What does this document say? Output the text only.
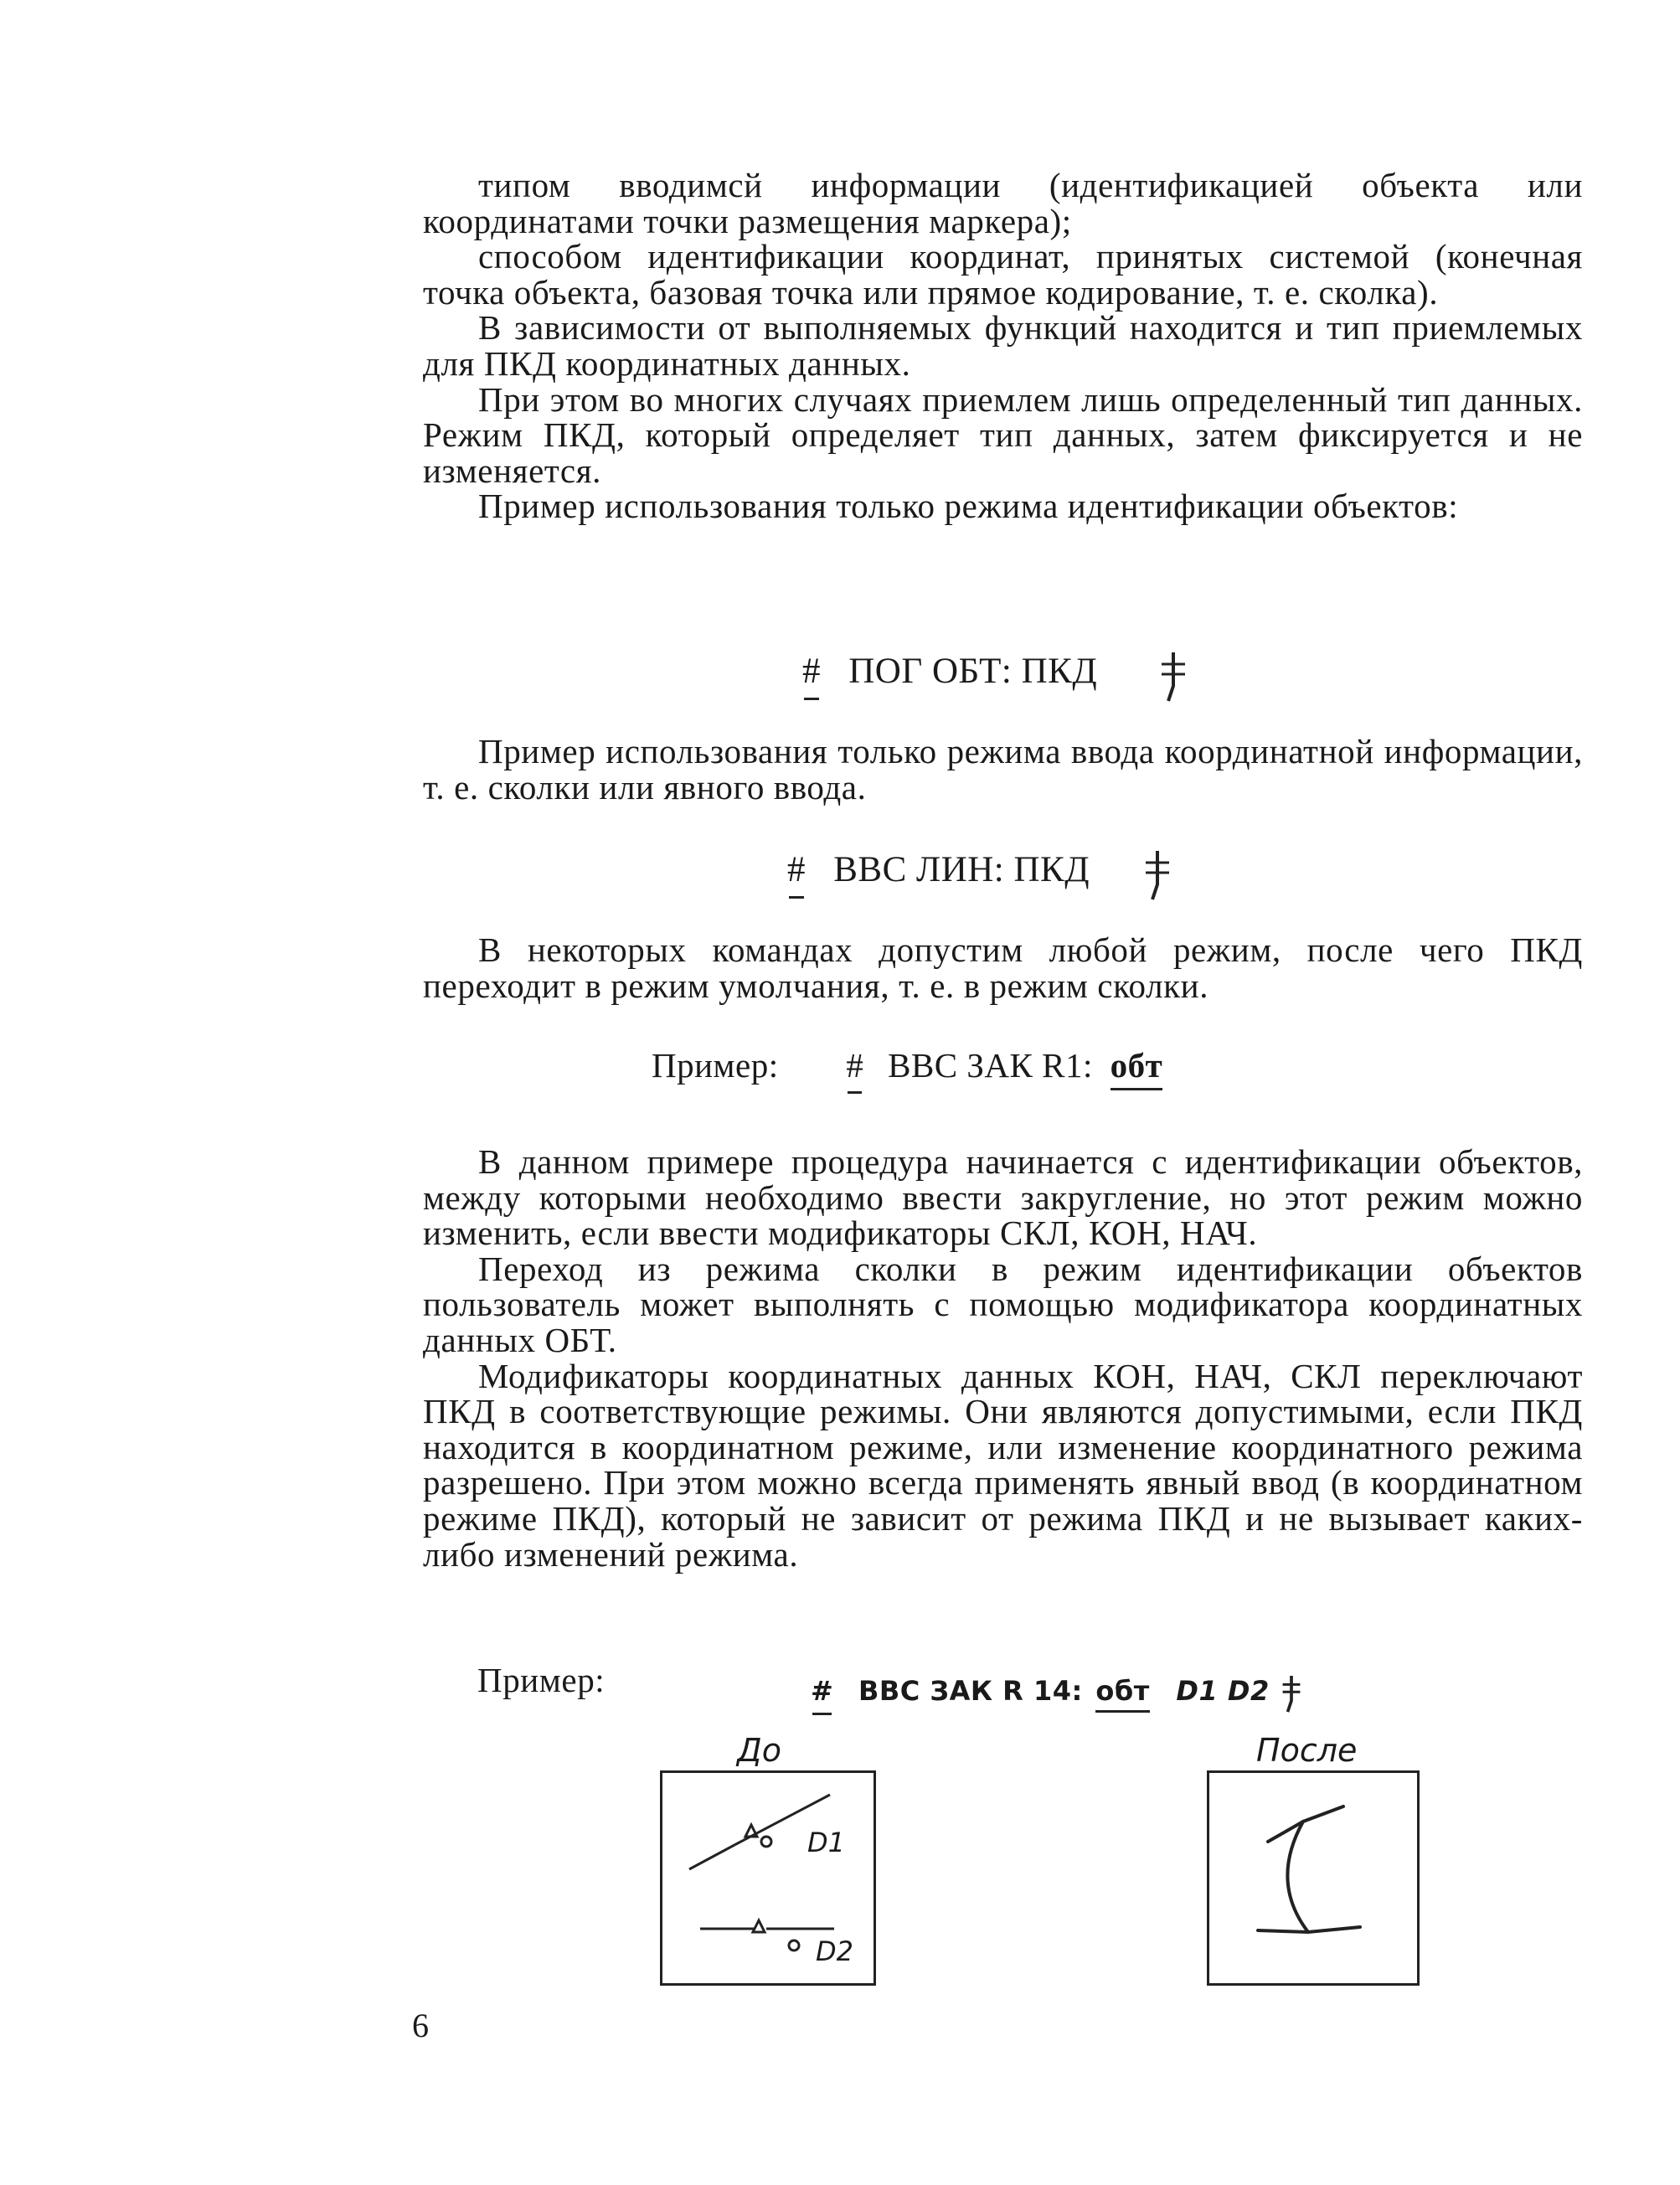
типом вводимсй информации (идентификацией объекта или координатами точки размещения маркера);

способом идентификации координат, принятых системой (конечная точка объекта, базовая точка или прямое кодирование, т. е. сколка).

В зависимости от выполняемых функций находится и тип приемлемых для ПКД координатных данных.

При этом во многих случаях приемлем лишь определенный тип данных. Режим ПКД, который определяет тип данных, затем фиксируется и не изменяется.

Пример использования только режима идентификации объектов:

# ПОГ ОБТ: ПКД

Пример использования только режима ввода координатной информации, т. е. сколки или явного ввода.

# ВВС ЛИН: ПКД

В некоторых командах допустим любой режим, после чего ПКД переходит в режим умолчания, т. е. в режим сколки.

Пример: # ВВС ЗАК R1: обт

В данном примере процедура начинается с идентификации объектов, между которыми необходимо ввести закругление, но этот режим можно изменить, если ввести модификаторы СКЛ, КОН, НАЧ.

Переход из режима сколки в режим идентификации объектов пользователь может выполнять с помощью модификатора координатных данных ОБТ.

Модификаторы координатных данных КОН, НАЧ, СКЛ переключают ПКД в соответствующие режимы. Они являются допустимыми, если ПКД находится в координатном режиме, или изменение координатного режима разрешено. При этом можно всегда применять явный ввод (в координатном режиме ПКД), который не зависит от режима ПКД и не вызывает каких-либо изменений режима.

Пример:	# ВВС ЗАК R 14: обт D1 D2
До	После
D1
D2
6
